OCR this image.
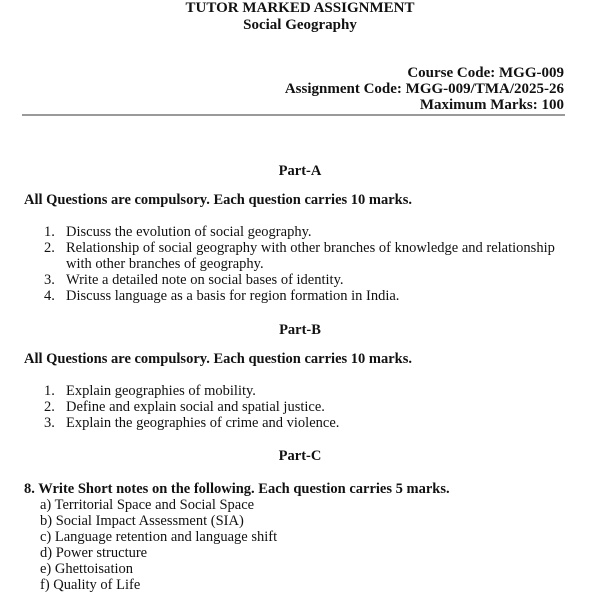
TUTOR MARKED ASSIGNMENT
Social Geography
Course Code: MGG-009
Assignment Code: MGG-009/TMA/2025-26
Maximum Marks: 100
Part-A
All Questions are compulsory. Each question carries 10 marks.
1. Discuss the evolution of social geography.
2. Relationship of social geography with other branches of knowledge and relationship
with other branches of geography.
3. Write a detailed note on social bases of identity.
4. Discuss language as a basis for region formation in India.
Part-B
All Questions are compulsory. Each question carries 10 marks.
1. Explain geographies of mobility.
2. Define and explain social and spatial justice.
3. Explain the geographies of crime and violence.
Part-C
8. Write Short notes on the following. Each question carries 5 marks.
a) Territorial Space and Social Space
b) Social Impact Assessment (SIA)
c) Language retention and language shift
d) Power structure
e) Ghettoisation
f) Quality of Life
